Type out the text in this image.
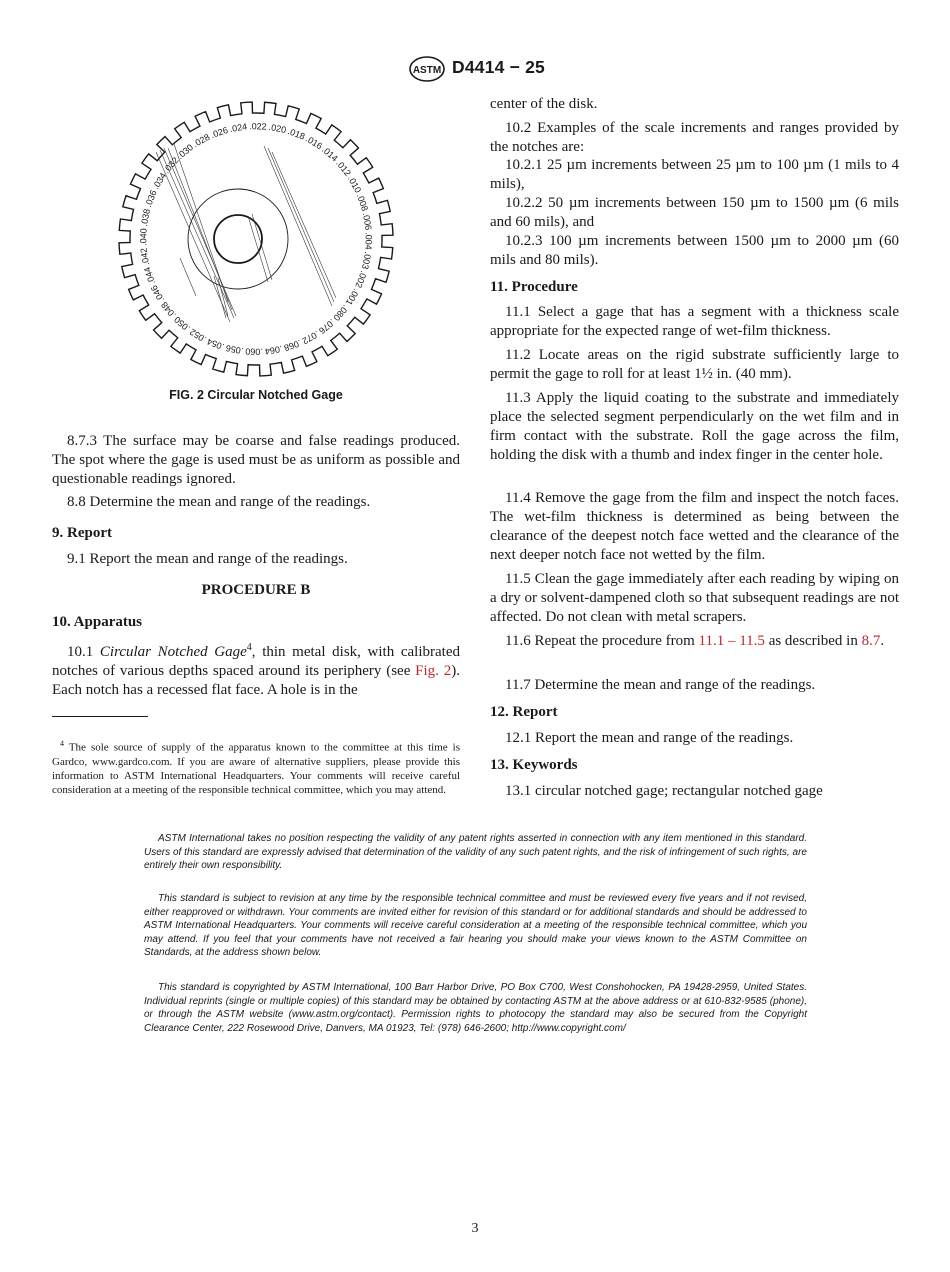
ASTM D4414 − 25
.026 .024 .022 .020 .018
.016
.014
.012
.010
.008
.006
.004
.003
.002
.001
.080
.076
.072
.068
.064
.060
.056
.054
.052
.050
.048
.046
.044
.042
.040
.038
.036
.034
.032
.030
.028
FIG. 2 Circular Notched Gage

8.7.3 The surface may be coarse and false readings produced. The spot where the gage is used must be as uniform as possible and questionable readings ignored.

8.8 Determine the mean and range of the readings.

9. Report

9.1 Report the mean and range of the readings.

PROCEDURE B
10. Apparatus

10.1 Circular Notched Gage$^4$, thin metal disk, with calibrated notches of various depths spaced around its periphery (see Fig. 2). Each notch has a recessed flat face. A hole is in the

$^4$ The sole source of supply of the apparatus known to the committee at this time is Gardco, www.gardco.com. If you are aware of alternative suppliers, please provide this information to ASTM International Headquarters. Your comments will receive careful consideration at a meeting of the responsible technical committee, which you may attend.

center of the disk.

10.2 Examples of the scale increments and ranges provided by the notches are:

10.2.1 25 µm increments between 25 µm to 100 µm (1 mils to 4 mils),

10.2.2 50 µm increments between 150 µm to 1500 µm (6 mils and 60 mils), and

10.2.3 100 µm increments between 1500 µm to 2000 µm (60 mils and 80 mils).

11. Procedure

11.1 Select a gage that has a segment with a thickness scale appropriate for the expected range of wet-film thickness.

11.2 Locate areas on the rigid substrate sufficiently large to permit the gage to roll for at least 1½ in. (40 mm).

11.3 Apply the liquid coating to the substrate and immediately place the selected segment perpendicularly on the wet film and in firm contact with the substrate. Roll the gage across the film, holding the disk with a thumb and index finger in the center hole.

11.4 Remove the gage from the film and inspect the notch faces. The wet-film thickness is determined as being between the clearance of the deepest notch face wetted and the clearance of the next deeper notch face not wetted by the film.

11.5 Clean the gage immediately after each reading by wiping on a dry or solvent-dampened cloth so that subsequent readings are not affected. Do not clean with metal scrapers.

11.6 Repeat the procedure from 11.1 – 11.5 as described in 8.7.

11.7 Determine the mean and range of the readings.

12. Report

12.1 Report the mean and range of the readings.

13. Keywords

13.1 circular notched gage; rectangular notched gage

ASTM International takes no position respecting the validity of any patent rights asserted in connection with any item mentioned in this standard. Users of this standard are expressly advised that determination of the validity of any such patent rights, and the risk of infringement of such rights, are entirely their own responsibility.

This standard is subject to revision at any time by the responsible technical committee and must be reviewed every five years and if not revised, either reapproved or withdrawn. Your comments are invited either for revision of this standard or for additional standards and should be addressed to ASTM International Headquarters. Your comments will receive careful consideration at a meeting of the responsible technical committee, which you may attend. If you feel that your comments have not received a fair hearing you should make your views known to the ASTM Committee on Standards, at the address shown below.

This standard is copyrighted by ASTM International, 100 Barr Harbor Drive, PO Box C700, West Conshohocken, PA 19428-2959, United States. Individual reprints (single or multiple copies) of this standard may be obtained by contacting ASTM at the above address or at 610-832-9585 (phone), or through the ASTM website (www.astm.org/contact). Permission rights to photocopy the standard may also be secured from the Copyright Clearance Center, 222 Rosewood Drive, Danvers, MA 01923, Tel: (978) 646-2600; http://www.copyright.com/

3
